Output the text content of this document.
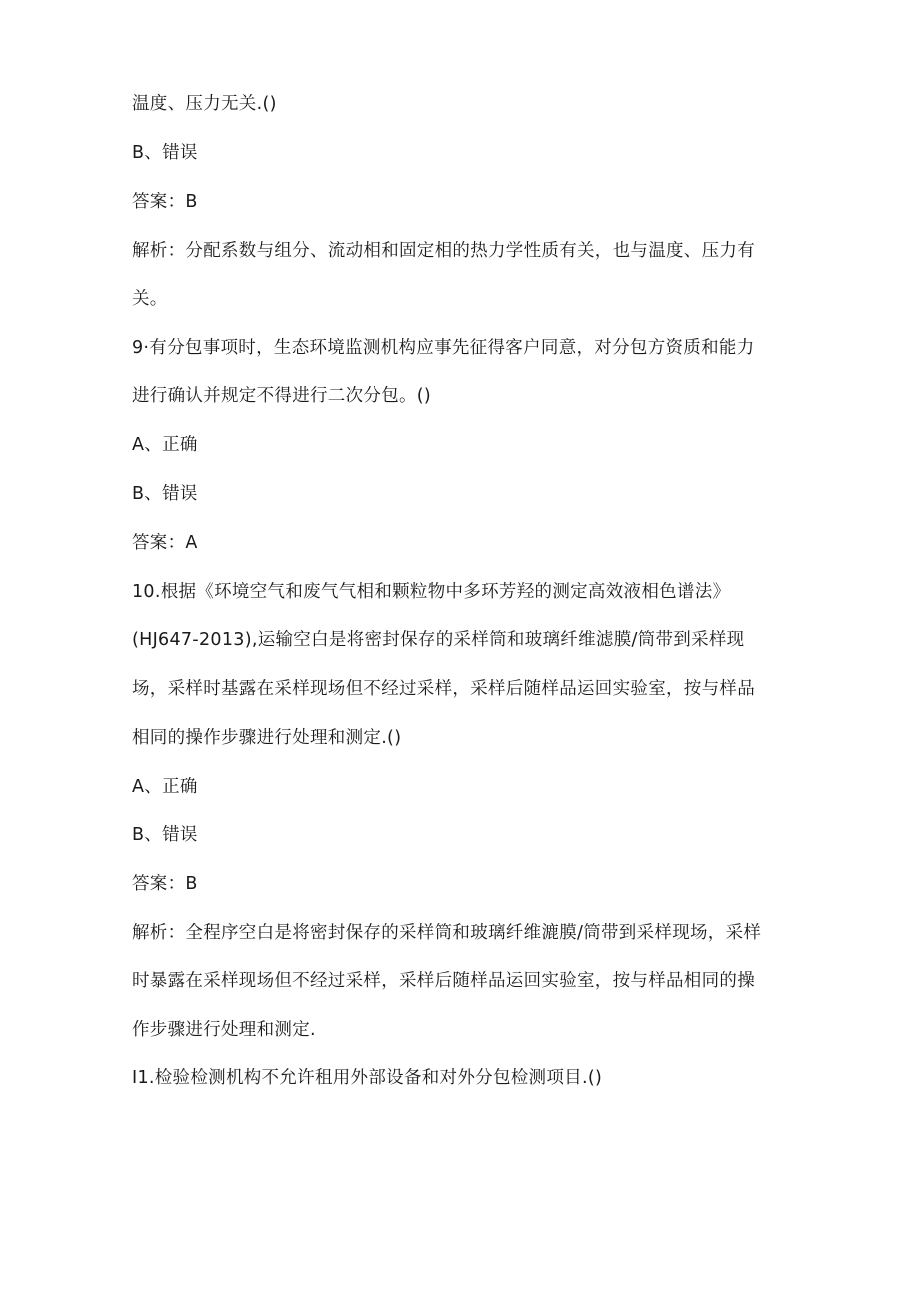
温度、压力无关.()
B、错误
答案：B
解析：分配系数与组分、流动相和固定相的热力学性质有关，也与温度、压力有
关。
9·有分包事项时，生态环境监测机构应事先征得客户同意，对分包方资质和能力
进行确认并规定不得进行二次分包。()
A、正确
B、错误
答案：A
10.根据《环境空气和废气气相和颗粒物中多环芳羟的测定高效液相色谱法》
(HJ647-2013),运输空白是将密封保存的采样筒和玻璃纤维滤膜/筒带到采样现
场，采样时基露在采样现场但不经过采样，采样后随样品运回实验室，按与样品
相同的操作步骤进行处理和测定.()
A、正确
B、错误
答案：B
解析：全程序空白是将密封保存的采样筒和玻璃纤维漉膜/筒带到采样现场，采样
时暴露在采样现场但不经过采样，采样后随样品运回实验室，按与样品相同的操
作步骤进行处理和测定.
I1.检验检测机构不允许租用外部设备和对外分包检测项目.()
